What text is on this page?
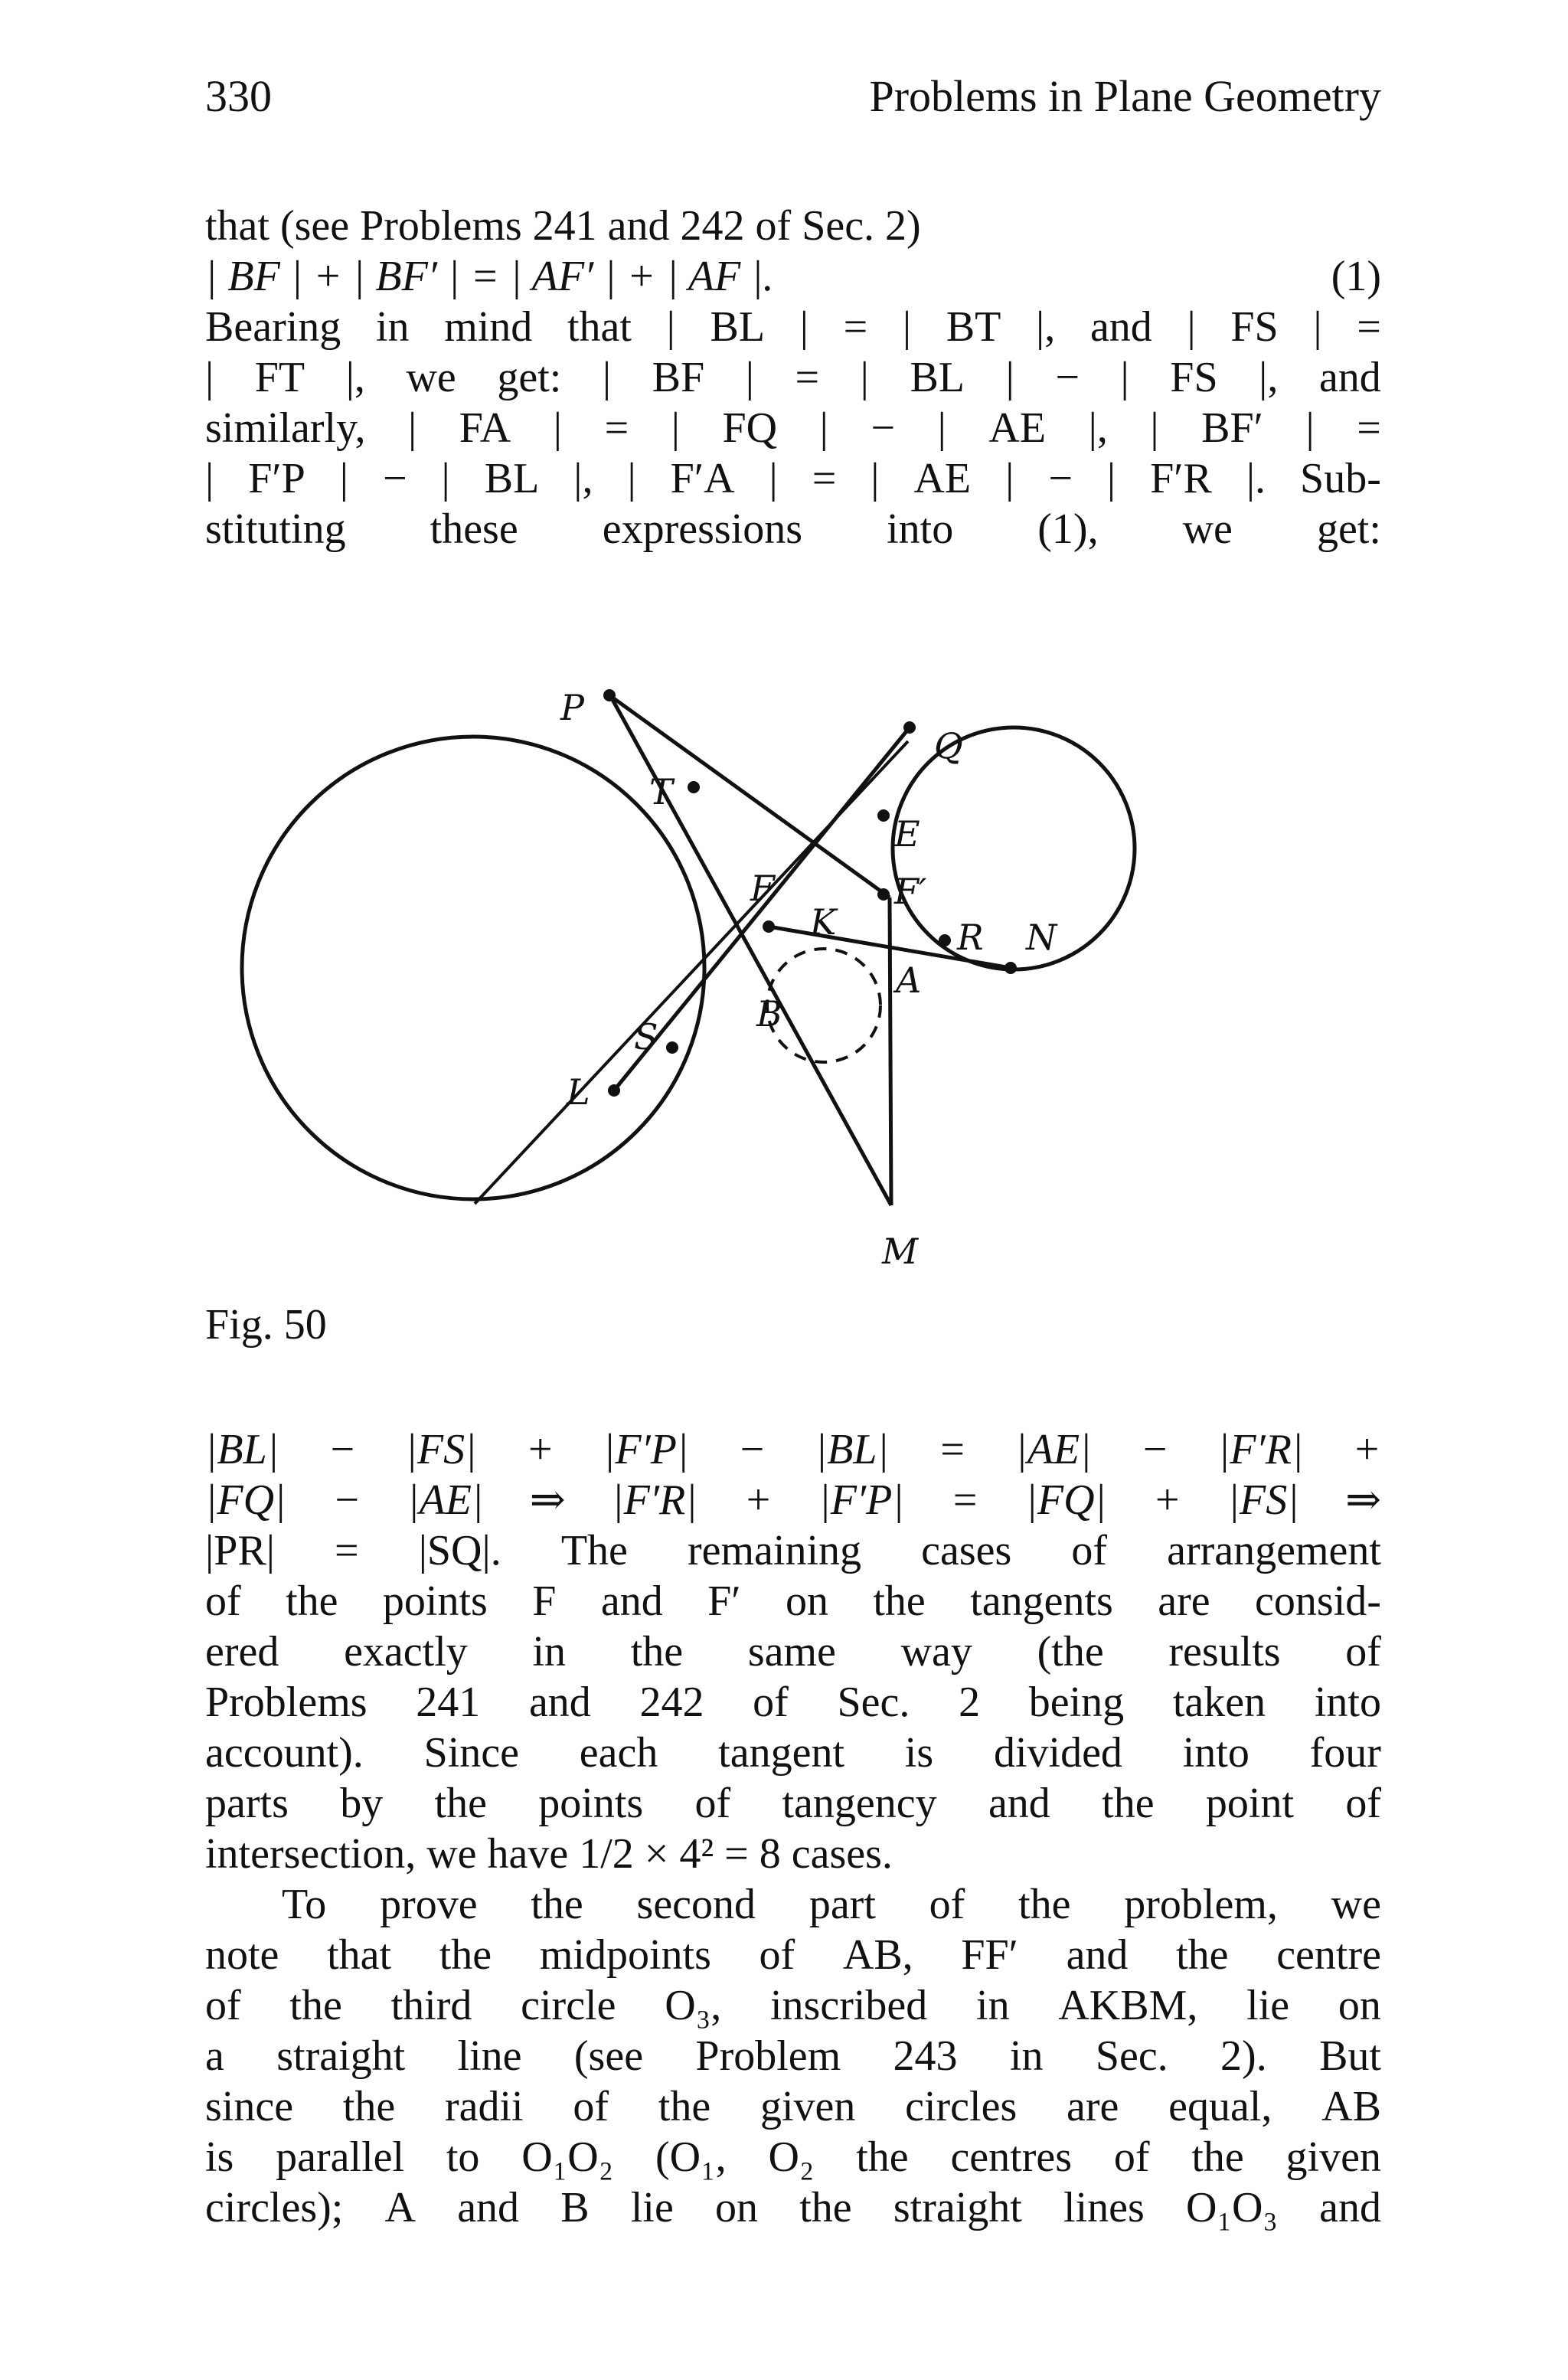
330	Problems in Plane Geometry
that (see Problems 241 and 242 of Sec. 2)
| BF | + | BF′ | = | AF′ | + | AF |.	(1)
Bearing in mind that | BL | = | BT |, and | FS | =
| FT |, we get: | BF | = | BL | − | FS |, and
similarly, | FA | = | FQ | − | AE |, | BF′ | =
| F′P | − | BL |, | F′A | = | AE | − | F′R |. Sub-
stituting these expressions into (1), we get:
P
Q
T
E
F	F′
K	R N
A
B
S
L
M
Fig. 50
|BL| − |FS| + |F′P| − |BL| = |AE| − |F′R| +
|FQ| − |AE| ⇒ |F′R| + |F′P| = |FQ| + |FS| ⇒
|PR| = |SQ|. The remaining cases of arrangement
of the points F and F′ on the tangents are consid-
ered exactly in the same way (the results of
Problems 241 and 242 of Sec. 2 being taken into
account). Since each tangent is divided into four
parts by the points of tangency and the point of
intersection, we have 1/2 × 4² = 8 cases.
To prove the second part of the problem, we
note that the midpoints of AB, FF′ and the centre
of the third circle O₃, inscribed in AKBM, lie on
a straight line (see Problem 243 in Sec. 2). But
since the radii of the given circles are equal, AB
is parallel to O₁O₂ (O₁, O₂ the centres of the given
circles); A and B lie on the straight lines O₁O₃ and
